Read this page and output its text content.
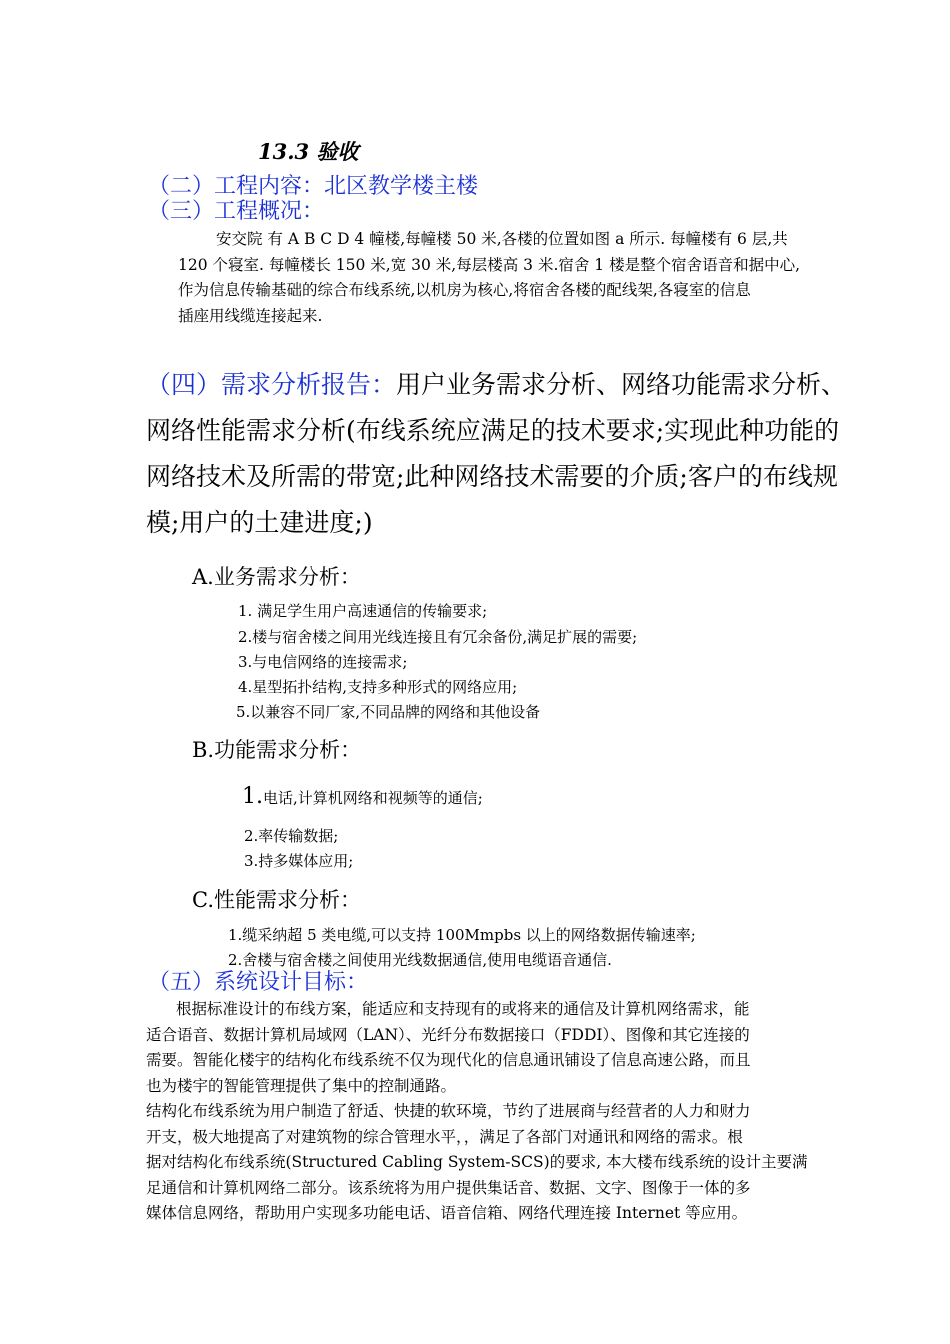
13.3 验收
（二）工程内容：北区教学楼主楼
（三）工程概况：
安交院 有 A B C D 4 幢楼,每幢楼 50 米,各楼的位置如图 a 所示. 每幢楼有 6 层,共
120 个寝室. 每幢楼长 150 米,宽 30 米,每层楼高 3 米.宿舍 1 楼是整个宿舍语音和据中心,
作为信息传输基础的综合布线系统,以机房为核心,将宿舍各楼的配线架,各寝室的信息
插座用线缆连接起来.
（四）需求分析报告：用户业务需求分析、网络功能需求分析、
网络性能需求分析(布线系统应满足的技术要求;实现此种功能的
网络技术及所需的带宽;此种网络技术需要的介质;客户的布线规
模;用户的土建进度;)
A.业务需求分析：
1. 满足学生用户高速通信的传输要求;
2.楼与宿舍楼之间用光线连接且有冗余备份,满足扩展的需要;
3.与电信网络的连接需求;
4.星型拓扑结构,支持多种形式的网络应用;
5.以兼容不同厂家,不同品牌的网络和其他设备
B.功能需求分析：
1.电话,计算机网络和视频等的通信;
2.率传输数据;
3.持多媒体应用;
C.性能需求分析：
1.缆采纳超 5 类电缆,可以支持 100Mmpbs 以上的网络数据传输速率;
2.舍楼与宿舍楼之间使用光线数据通信,使用电缆语音通信.
（五）系统设计目标：
根据标准设计的布线方案，能适应和支持现有的或将来的通信及计算机网络需求，能
适合语音、数据计算机局域网（LAN）、光纤分布数据接口（FDDI）、图像和其它连接的
需要。智能化楼宇的结构化布线系统不仅为现代化的信息通讯铺设了信息高速公路，而且
也为楼宇的智能管理提供了集中的控制通路。
结构化布线系统为用户制造了舒适、快捷的软环境，节约了进展商与经营者的人力和财力
开支，极大地提高了对建筑物的综合管理水平，，满足了各部门对通讯和网络的需求。根
据对结构化布线系统(Structured Cabling System-SCS)的要求, 本大楼布线系统的设计主要满
足通信和计算机网络二部分。该系统将为用户提供集话音、数据、文字、图像于一体的多
媒体信息网络，帮助用户实现多功能电话、语音信箱、网络代理连接 Internet 等应用。
